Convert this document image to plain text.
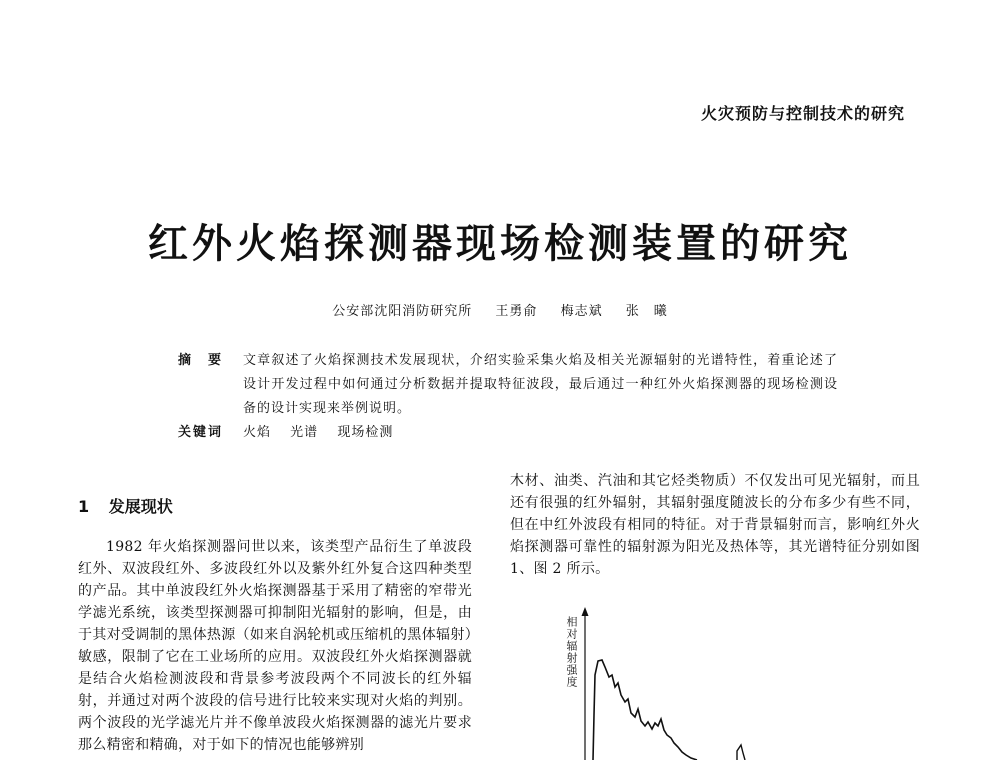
火灾预防与控制技术的研究
红外火焰探测器现场检测装置的研究
公安部沈阳消防研究所 王勇俞 梅志斌 张　曦
摘　要	文章叙述了火焰探测技术发展现状，介绍实验采集火焰及相关光源辐射的光谱特性，着重论述了设计开发过程中如何通过分析数据并提取特征波段，最后通过一种红外火焰探测器的现场检测设备的设计实现来举例说明。
关键词	火焰 光谱 现场检测
1 发展现状
1982 年火焰探测器问世以来，该类型产品衍生了单波段红外、双波段红外、多波段红外以及紫外红外复合这四种类型的产品。其中单波段红外火焰探测器基于采用了精密的窄带光学滤光系统，该类型探测器可抑制阳光辐射的影响，但是，由于其对受调制的黑体热源（如来自涡轮机或压缩机的黑体辐射）敏感，限制了它在工业场所的应用。双波段红外火焰探测器就是结合火焰检测波段和背景参考波段两个不同波长的红外辐射，并通过对两个波段的信号进行比较来实现对火焰的判别。两个波段的光学滤光片并不像单波段火焰探测器的滤光片要求那么精密和精确，对于如下的情况也能够辨别
木材、油类、汽油和其它烃类物质）不仅发出可见光辐射，而且还有很强的红外辐射，其辐射强度随波长的分布多少有些不同，但在中红外波段有相同的特征。对于背景辐射而言，影响红外火焰探测器可靠性的辐射源为阳光及热体等，其光谱特征分别如图 1、图 2 所示。
相对辐射强度
